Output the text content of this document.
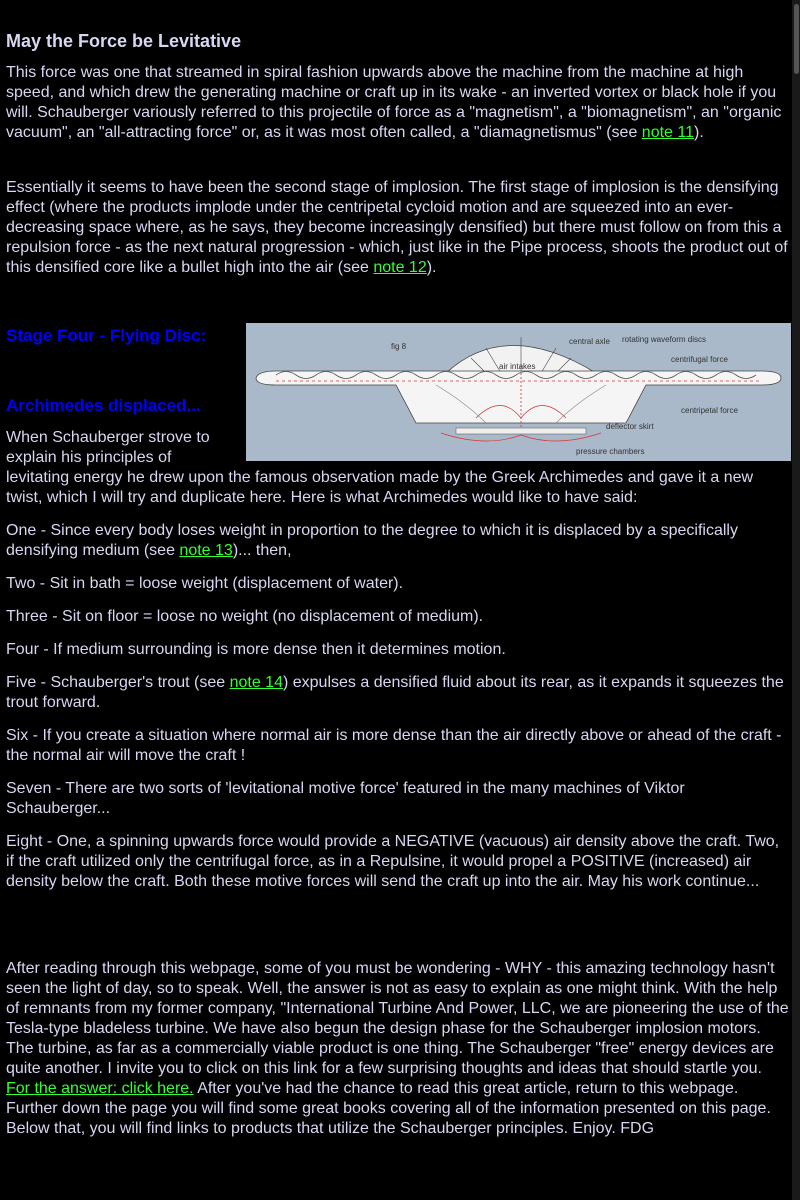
May the Force be Levitative

This force was one that streamed in spiral fashion upwards above the machine from the machine at high speed, and which drew the generating machine or craft up in its wake - an inverted vortex or black hole if you will. Schauberger variously referred to this projectile of force as a "magnetism", a "biomagnetism", an "organic vacuum", an "all-attracting force" or, as it was most often called, a "diamagnetismus" (see note 11).

Essentially it seems to have been the second stage of implosion. The first stage of implosion is the densifying effect (where the products implode under the centripetal cycloid motion and are squeezed into an ever-decreasing space where, as he says, they become increasingly densified) but there must follow on from this a repulsion force - as the next natural progression - which, just like in the Pipe process, shoots the product out of this densified core like a bullet high into the air (see note 12).

Stage Four - Flying Disc:
Archimedes displaced...
fig 8
central axle rotating waveform discs
centrifugal force
air intakes
centripetal force
deflector skirt
pressure chambers

When Schauberger strove to

explain his principles of

levitating energy he drew upon the famous observation made by the Greek Archimedes and gave it a new twist, which I will try and duplicate here. Here is what Archimedes would like to have said:

One - Since every body loses weight in proportion to the degree to which it is displaced by a specifically densifying medium (see note 13)... then,

Two - Sit in bath = loose weight (displacement of water).

Three - Sit on floor = loose no weight (no displacement of medium).

Four - If medium surrounding is more dense then it determines motion.

Five - Schauberger's trout (see note 14) expulses a densified fluid about its rear, as it expands it squeezes the trout forward.

Six - If you create a situation where normal air is more dense than the air directly above or ahead of the craft - the normal air will move the craft !

Seven - There are two sorts of 'levitational motive force' featured in the many machines of Viktor Schauberger...

Eight - One, a spinning upwards force would provide a NEGATIVE (vacuous) air density above the craft. Two, if the craft utilized only the centrifugal force, as in a Repulsine, it would propel a POSITIVE (increased) air density below the craft. Both these motive forces will send the craft up into the air. May his work continue...

After reading through this webpage, some of you must be wondering - WHY - this amazing technology hasn't seen the light of day, so to speak. Well, the answer is not as easy to explain as one might think. With the help of remnants from my former company, "International Turbine And Power, LLC, we are pioneering the use of the Tesla-type bladeless turbine. We have also begun the design phase for the Schauberger implosion motors. The turbine, as far as a commercially viable product is one thing. The Schauberger "free" energy devices are quite another. I invite you to click on this link for a few surprising thoughts and ideas that should startle you. For the answer: click here. After you've had the chance to read this great article, return to this webpage. Further down the page you will find some great books covering all of the information presented on this page. Below that, you will find links to products that utilize the Schauberger principles. Enjoy. FDG
